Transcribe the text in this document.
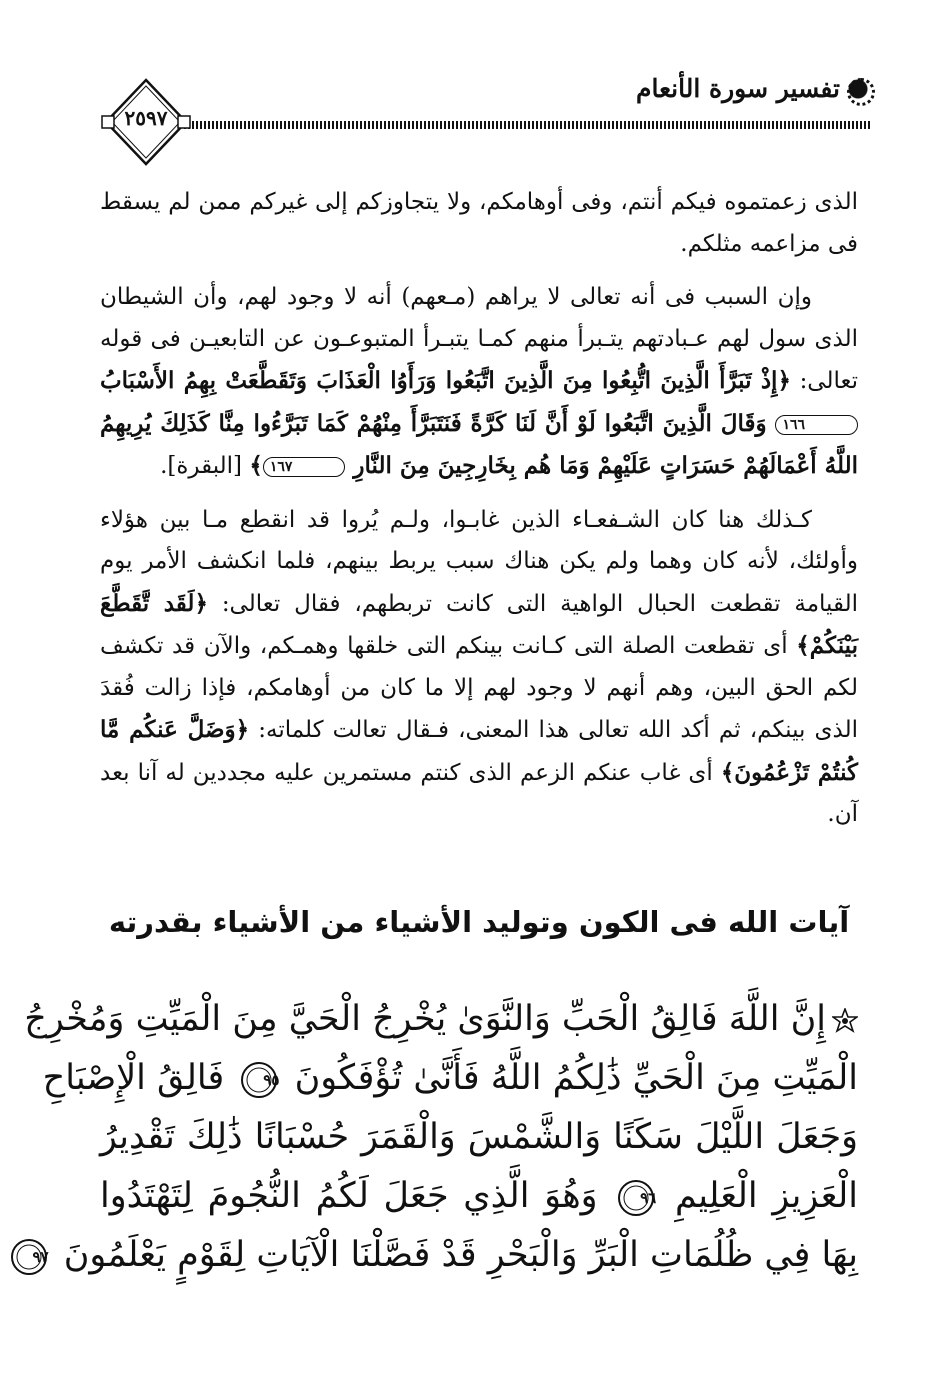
تفسير سورة الأنعام
٢٥٩٧

الذى زعمتموه فيكم أنتم، وفى أوهامكم، ولا يتجاوزكم إلى غيركم ممن لم يسقط فى مزاعمه مثلكم.

وإن السبب فى أنه تعالى لا يراهم (مـعهم) أنه لا وجود لهم، وأن الشيطان الذى سول لهم عـبادتهم يتـبرأ منهم كمـا يتبـرأ المتبوعـون عن التابعيـن فى قوله تعالى: ﴿إِذْ تَبَرَّأَ الَّذِينَ اتُّبِعُوا مِنَ الَّذِينَ اتَّبَعُوا وَرَأَوُا الْعَذَابَ وَتَقَطَّعَتْ بِهِمُ الأَسْبَابُ ١٦٦ وَقَالَ الَّذِينَ اتَّبَعُوا لَوْ أَنَّ لَنَا كَرَّةً فَنَتَبَرَّأَ مِنْهُمْ كَمَا تَبَرَّءُوا مِنَّا كَذَلِكَ يُرِيهِمُ اللَّهُ أَعْمَالَهُمْ حَسَرَاتٍ عَلَيْهِمْ وَمَا هُم بِخَارِجِينَ مِنَ النَّارِ ١٦٧﴾ [البقرة].

كـذلك هنا كان الشـفعـاء الذين غابـوا، ولـم يُروا قد انقطع مـا بين هؤلاء وأولئك، لأنه كان وهما ولم يكن هناك سبب يربط بينهم، فلما انكشف الأمر يوم القيامة تقطعت الحبال الواهية التى كانت تربطهم، فقال تعالى: ﴿لَقَد تَّقَطَّعَ بَيْنَكُمْ﴾ أى تقطعت الصلة التى كـانت بينكم التى خلقها وهمـكم، والآن قد تكشف لكم الحق البين، وهم أنهم لا وجود لهم إلا ما كان من أوهامكم، فإذا زالت فُقدَ الذى بينكم، ثم أكد الله تعالى هذا المعنى، فـقال تعالت كلماته: ﴿وَضَلَّ عَنكُم مَّا كُنتُمْ تَزْعُمُونَ﴾ أى غاب عنكم الزعم الذى كنتم مستمرين عليه مجددين له آنا بعد آن.

آيات الله فى الكون وتوليد الأشياء من الأشياء بقدرته
إِنَّ اللَّهَ فَالِقُ الْحَبِّ وَالنَّوَىٰ يُخْرِجُ الْحَيَّ مِنَ الْمَيِّتِ وَمُخْرِجُ
الْمَيِّتِ مِنَ الْحَيِّ ذَٰلِكُمُ اللَّهُ فَأَنَّىٰ تُؤْفَكُونَ
٩٥
فَالِقُ الْإِصْبَاحِ
وَجَعَلَ اللَّيْلَ سَكَنًا وَالشَّمْسَ وَالْقَمَرَ حُسْبَانًا ذَٰلِكَ تَقْدِيرُ
الْعَزِيزِ الْعَلِيمِ
٩٦
وَهُوَ الَّذِي جَعَلَ لَكُمُ النُّجُومَ لِتَهْتَدُوا
بِهَا فِي ظُلُمَاتِ الْبَرِّ وَالْبَحْرِ قَدْ فَصَّلْنَا الْآيَاتِ لِقَوْمٍ يَعْلَمُونَ
٩٧
